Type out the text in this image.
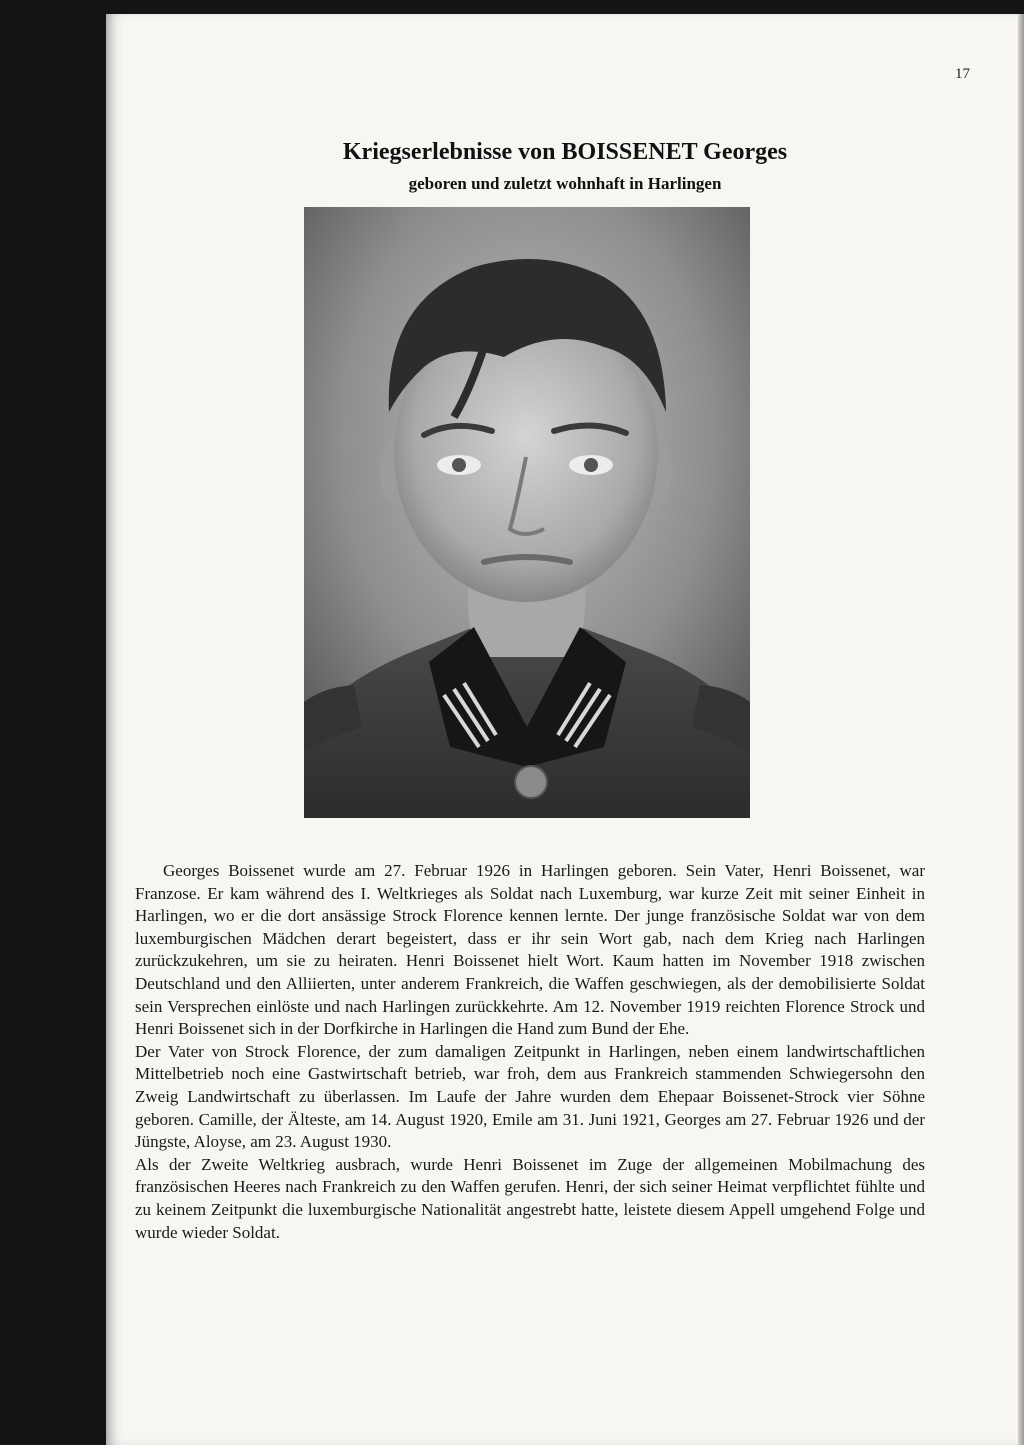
17
Kriegserlebnisse von BOISSENET Georges
geboren und zuletzt wohnhaft in Harlingen

Georges Boissenet wurde am 27. Februar 1926 in Harlingen geboren. Sein Vater, Henri Boissenet, war Franzose. Er kam während des I. Weltkrieges als Soldat nach Luxemburg, war kurze Zeit mit seiner Einheit in Harlingen, wo er die dort ansässige Strock Florence kennen lernte. Der junge französische Soldat war von dem luxemburgischen Mädchen derart begeistert, dass er ihr sein Wort gab, nach dem Krieg nach Harlingen zurückzukehren, um sie zu heiraten. Henri Boissenet hielt Wort. Kaum hatten im November 1918 zwischen Deutschland und den Alliierten, unter anderem Frankreich, die Waffen geschwiegen, als der demobilisierte Soldat sein Versprechen einlöste und nach Harlingen zurückkehrte. Am 12. November 1919 reichten Florence Strock und Henri Boissenet sich in der Dorfkirche in Harlingen die Hand zum Bund der Ehe.

Der Vater von Strock Florence, der zum damaligen Zeitpunkt in Harlingen, neben einem landwirtschaftlichen Mittelbetrieb noch eine Gastwirtschaft betrieb, war froh, dem aus Frankreich stammenden Schwiegersohn den Zweig Landwirtschaft zu überlassen. Im Laufe der Jahre wurden dem Ehepaar Boissenet-Strock vier Söhne geboren. Camille, der Älteste, am 14. August 1920, Emile am 31. Juni 1921, Georges am 27. Februar 1926 und der Jüngste, Aloyse, am 23. August 1930.

Als der Zweite Weltkrieg ausbrach, wurde Henri Boissenet im Zuge der allgemeinen Mobilmachung des französischen Heeres nach Frankreich zu den Waffen gerufen. Henri, der sich seiner Heimat verpflichtet fühlte und zu keinem Zeitpunkt die luxemburgische Nationalität angestrebt hatte, leistete diesem Appell umgehend Folge und wurde wieder Soldat.
